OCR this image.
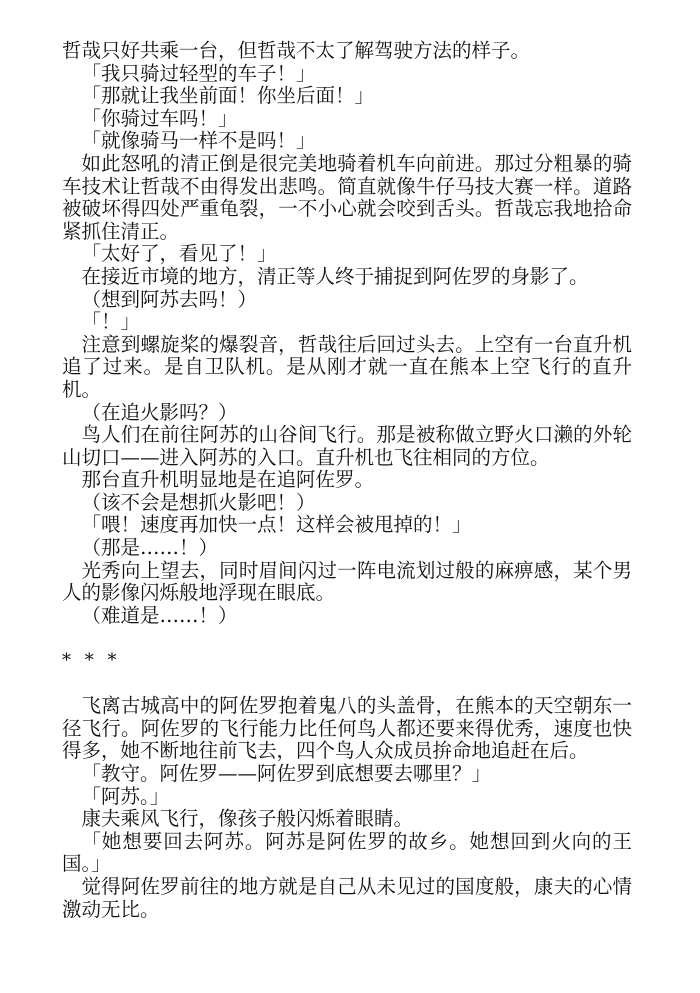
哲哉只好共乘一台，但哲哉不太了解驾驶方法的样子。

「我只骑过轻型的车子！」

「那就让我坐前面！你坐后面！」

「你骑过车吗！」

「就像骑马一样不是吗！」

如此怒吼的清正倒是很完美地骑着机车向前进。那过分粗暴的骑车技术让哲哉不由得发出悲鸣。简直就像牛仔马技大赛一样。道路被破坏得四处严重龟裂，一不小心就会咬到舌头。哲哉忘我地拾命紧抓住清正。

「太好了，看见了！」

在接近市境的地方，清正等人终于捕捉到阿佐罗的身影了。

（想到阿苏去吗！）

「！」

注意到螺旋桨的爆裂音，哲哉往后回过头去。上空有一台直升机追了过来。是自卫队机。是从刚才就一直在熊本上空飞行的直升机。

（在追火影吗？）

鸟人们在前往阿苏的山谷间飞行。那是被称做立野火口濑的外轮山切口——进入阿苏的入口。直升机也飞往相同的方位。

那台直升机明显地是在追阿佐罗。

（该不会是想抓火影吧！）

「喂！速度再加快一点！这样会被甩掉的！」

（那是……！）

光秀向上望去，同时眉间闪过一阵电流划过般的麻痹感，某个男人的影像闪烁般地浮现在眼底。

（难道是……！）

* * *

飞离古城高中的阿佐罗抱着鬼八的头盖骨，在熊本的天空朝东一径飞行。阿佐罗的飞行能力比任何鸟人都还要来得优秀，速度也快得多，她不断地往前飞去，四个鸟人众成员拚命地追赶在后。

「教守。阿佐罗——阿佐罗到底想要去哪里？」

「阿苏。」

康夫乘风飞行，像孩子般闪烁着眼睛。

「她想要回去阿苏。阿苏是阿佐罗的故乡。她想回到火向的王国。」

觉得阿佐罗前往的地方就是自己从未见过的国度般，康夫的心情激动无比。
